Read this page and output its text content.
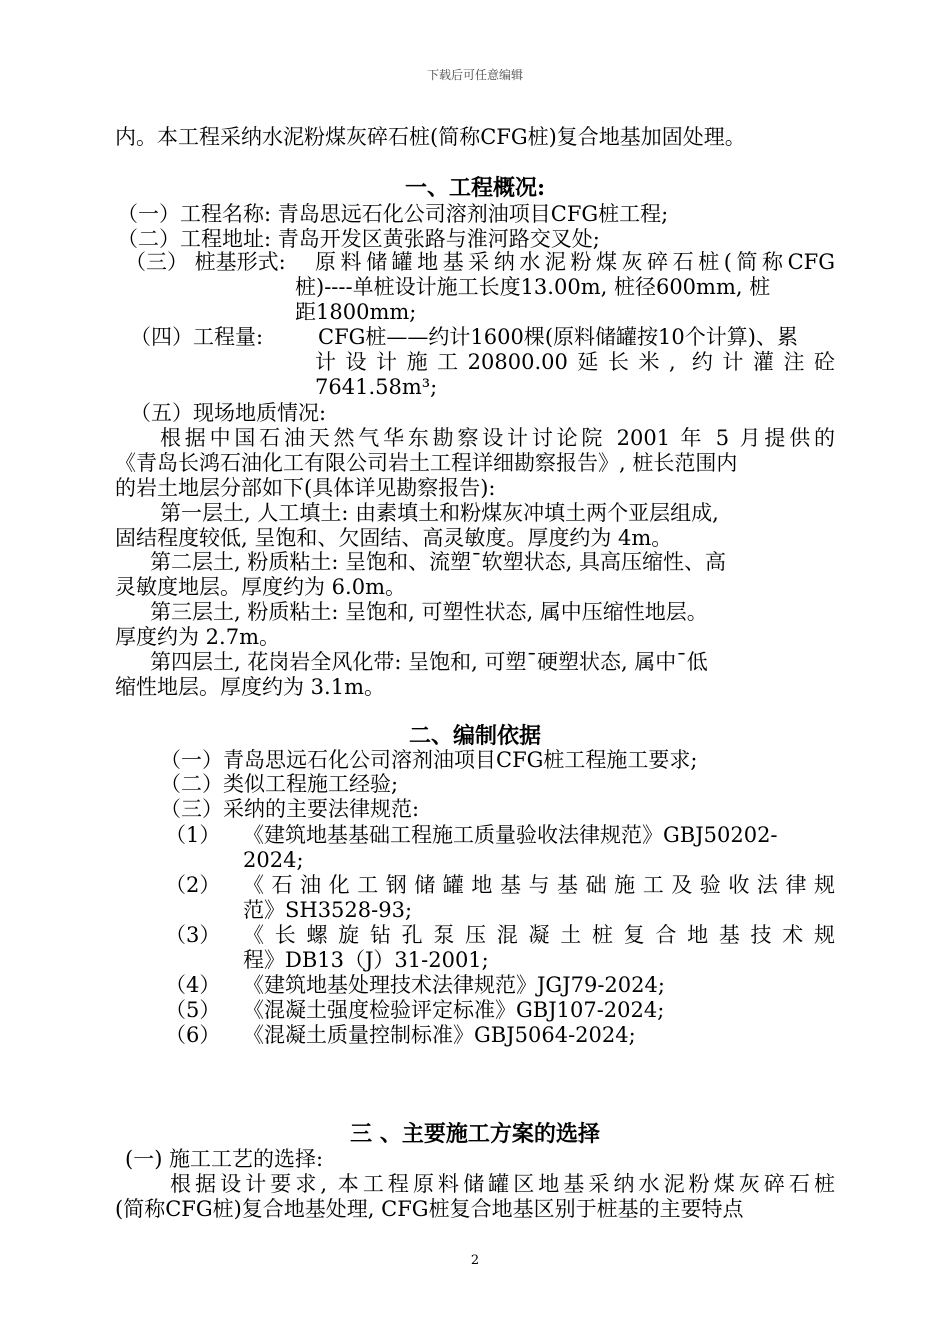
下载后可任意编辑
内。本工程采纳水泥粉煤灰碎石桩(简称CFG桩)复合地基加固处理。
一、工程概况:
（一）工程名称: 青岛思远石化公司溶剂油项目CFG桩工程;
（二）工程地址: 青岛开发区黄张路与淮河路交叉处;
（三） 桩基形式: 原料储罐地基采纳水泥粉煤灰碎石桩(简称CFG
桩)----单桩设计施工长度13.00m, 桩径600mm, 桩
距1800mm;
（四）工程量:	CFG桩——约计1600棵(原料储罐按10个计算)、累
计设计施工20800.00延长米, 约计灌注砼
7641.58m³;
（五）现场地质情况:
根据中国石油天然气华东勘察设计讨论院 2001 年 5 月提供的
《青岛长鸿石油化工有限公司岩土工程详细勘察报告》, 桩长范围内
的岩土地层分部如下(具体详见勘察报告):
第一层土, 人工填土: 由素填土和粉煤灰冲填土两个亚层组成,
固结程度较低, 呈饱和、欠固结、高灵敏度。厚度约为 4m。
第二层土, 粉质粘土: 呈饱和、流塑¯软塑状态, 具高压缩性、高
灵敏度地层。厚度约为 6.0m。
第三层土, 粉质粘土: 呈饱和, 可塑性状态, 属中压缩性地层。
厚度约为 2.7m。
第四层土, 花岗岩全风化带: 呈饱和, 可塑¯硬塑状态, 属中¯低
缩性地层。厚度约为 3.1m。
二、编制依据
（一）青岛思远石化公司溶剂油项目CFG桩工程施工要求;
（二）类似工程施工经验;
（三）采纳的主要法律规范:
（1） 《建筑地基基础工程施工质量验收法律规范》GBJ50202-
2024;
（2） 《石油化工钢储罐地基与基础施工及验收法律规
范》SH3528-93;
（3） 《长螺旋钻孔泵压混凝土桩复合地基技术规
程》DB13（J）31-2001;
（4） 《建筑地基处理技术法律规范》JGJ79-2024;
（5） 《混凝土强度检验评定标准》GBJ107-2024;
（6） 《混凝土质量控制标准》GBJ5064-2024;
三 、主要施工方案的选择
(一) 施工工艺的选择:
根据设计要求, 本工程原料储罐区地基采纳水泥粉煤灰碎石桩
(简称CFG桩)复合地基处理, CFG桩复合地基区别于桩基的主要特点
2
